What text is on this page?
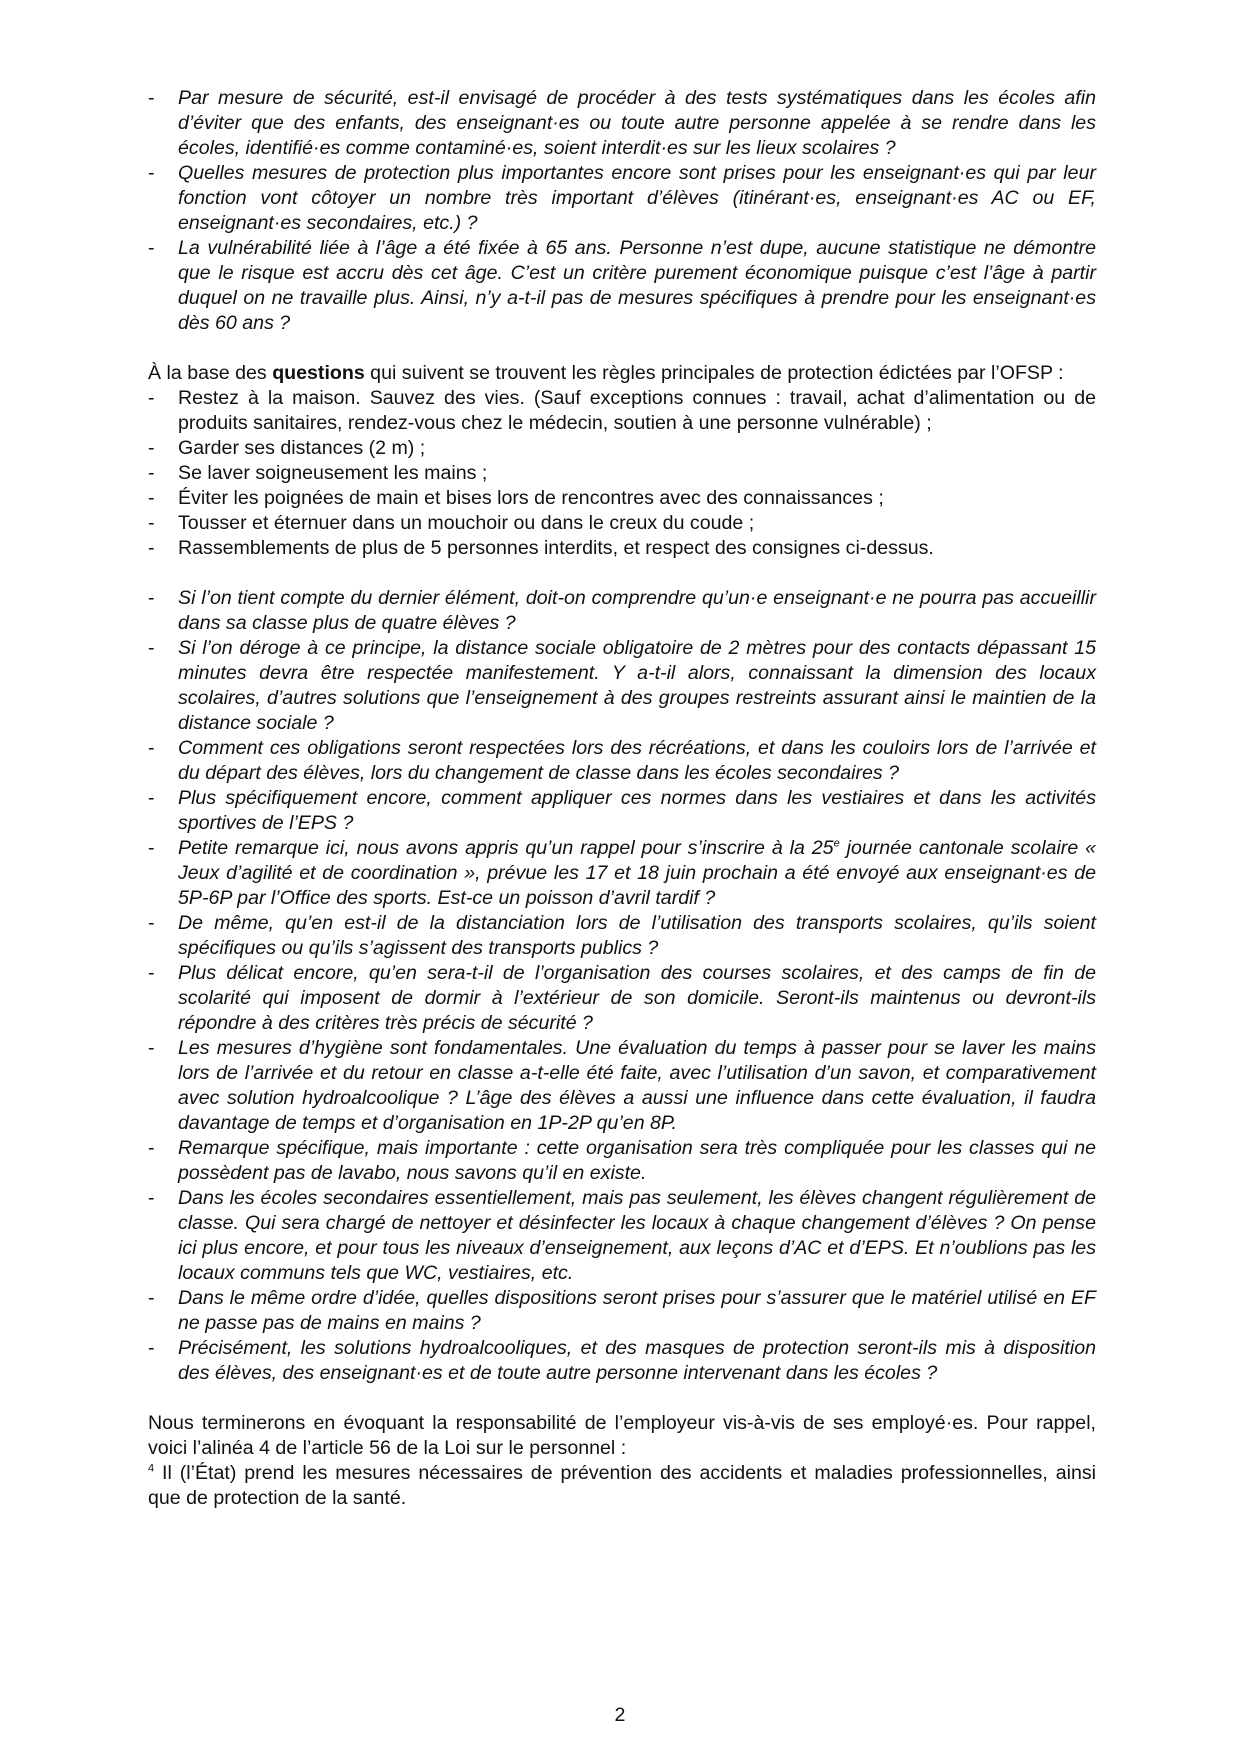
- Par mesure de sécurité, est-il envisagé de procéder à des tests systématiques dans les écoles afin d’éviter que des enfants, des enseignant·es ou toute autre personne appelée à se rendre dans les écoles, identifié·es comme contaminé·es, soient interdit·es sur les lieux scolaires ?
- Quelles mesures de protection plus importantes encore sont prises pour les enseignant·es qui par leur fonction vont côtoyer un nombre très important d’élèves (itinérant·es, enseignant·es AC ou EF, enseignant·es secondaires, etc.) ?
- La vulnérabilité liée à l’âge a été fixée à 65 ans. Personne n’est dupe, aucune statistique ne démontre que le risque est accru dès cet âge. C’est un critère purement économique puisque c’est l’âge à partir duquel on ne travaille plus. Ainsi, n’y a-t-il pas de mesures spécifiques à prendre pour les enseignant·es dès 60 ans ?

À la base des questions qui suivent se trouvent les règles principales de protection édictées par l’OFSP :

- Restez à la maison. Sauvez des vies. (Sauf exceptions connues : travail, achat d’alimentation ou de produits sanitaires, rendez-vous chez le médecin, soutien à une personne vulnérable) ;
- Garder ses distances (2 m) ;
- Se laver soigneusement les mains ;
- Éviter les poignées de main et bises lors de rencontres avec des connaissances ;
- Tousser et éternuer dans un mouchoir ou dans le creux du coude ;
- Rassemblements de plus de 5 personnes interdits, et respect des consignes ci-dessus.
- Si l’on tient compte du dernier élément, doit-on comprendre qu’un·e enseignant·e ne pourra pas accueillir dans sa classe plus de quatre élèves ?
- Si l’on déroge à ce principe, la distance sociale obligatoire de 2 mètres pour des contacts dépassant 15 minutes devra être respectée manifestement. Y a-t-il alors, connaissant la dimension des locaux scolaires, d’autres solutions que l’enseignement à des groupes restreints assurant ainsi le maintien de la distance sociale ?
- Comment ces obligations seront respectées lors des récréations, et dans les couloirs lors de l’arrivée et du départ des élèves, lors du changement de classe dans les écoles secondaires ?
- Plus spécifiquement encore, comment appliquer ces normes dans les vestiaires et dans les activités sportives de l’EPS ?
- Petite remarque ici, nous avons appris qu’un rappel pour s’inscrire à la 25e journée cantonale scolaire « Jeux d’agilité et de coordination », prévue les 17 et 18 juin prochain a été envoyé aux enseignant·es de 5P-6P par l’Office des sports. Est-ce un poisson d’avril tardif ?
- De même, qu’en est-il de la distanciation lors de l’utilisation des transports scolaires, qu’ils soient spécifiques ou qu’ils s’agissent des transports publics ?
- Plus délicat encore, qu’en sera-t-il de l’organisation des courses scolaires, et des camps de fin de scolarité qui imposent de dormir à l’extérieur de son domicile. Seront-ils maintenus ou devront-ils répondre à des critères très précis de sécurité ?
- Les mesures d’hygiène sont fondamentales. Une évaluation du temps à passer pour se laver les mains lors de l’arrivée et du retour en classe a-t-elle été faite, avec l’utilisation d’un savon, et comparativement avec solution hydroalcoolique ? L’âge des élèves a aussi une influence dans cette évaluation, il faudra davantage de temps et d’organisation en 1P-2P qu’en 8P.
- Remarque spécifique, mais importante : cette organisation sera très compliquée pour les classes qui ne possèdent pas de lavabo, nous savons qu’il en existe.
- Dans les écoles secondaires essentiellement, mais pas seulement, les élèves changent régulièrement de classe. Qui sera chargé de nettoyer et désinfecter les locaux à chaque changement d’élèves ? On pense ici plus encore, et pour tous les niveaux d’enseignement, aux leçons d’AC et d’EPS. Et n’oublions pas les locaux communs tels que WC, vestiaires, etc.
- Dans le même ordre d’idée, quelles dispositions seront prises pour s’assurer que le matériel utilisé en EF ne passe pas de mains en mains ?
- Précisément, les solutions hydroalcooliques, et des masques de protection seront-ils mis à disposition des élèves, des enseignant·es et de toute autre personne intervenant dans les écoles ?

Nous terminerons en évoquant la responsabilité de l’employeur vis-à-vis de ses employé·es. Pour rappel, voici l’alinéa 4 de l’article 56 de la Loi sur le personnel :

$^4$ Il (l’État) prend les mesures nécessaires de prévention des accidents et maladies professionnelles, ainsi que de protection de la santé.

2
